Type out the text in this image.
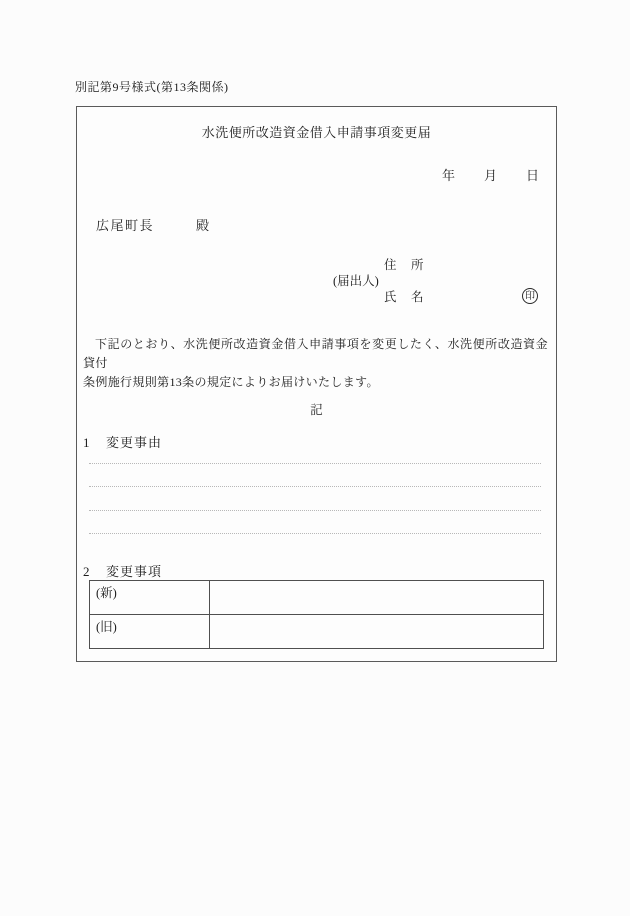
別記第9号様式(第13条関係)
水洗便所改造資金借入申請事項変更届
年 月 日
広尾町長	殿
住　所
(届出人)
氏　名	印
下記のとおり、水洗便所改造資金借入申請事項を変更したく、水洗便所改造資金貸付
条例施行規則第13条の規定によりお届けいたします。
記
1 変更事由
2 変更事項
(新)	
(旧)	
